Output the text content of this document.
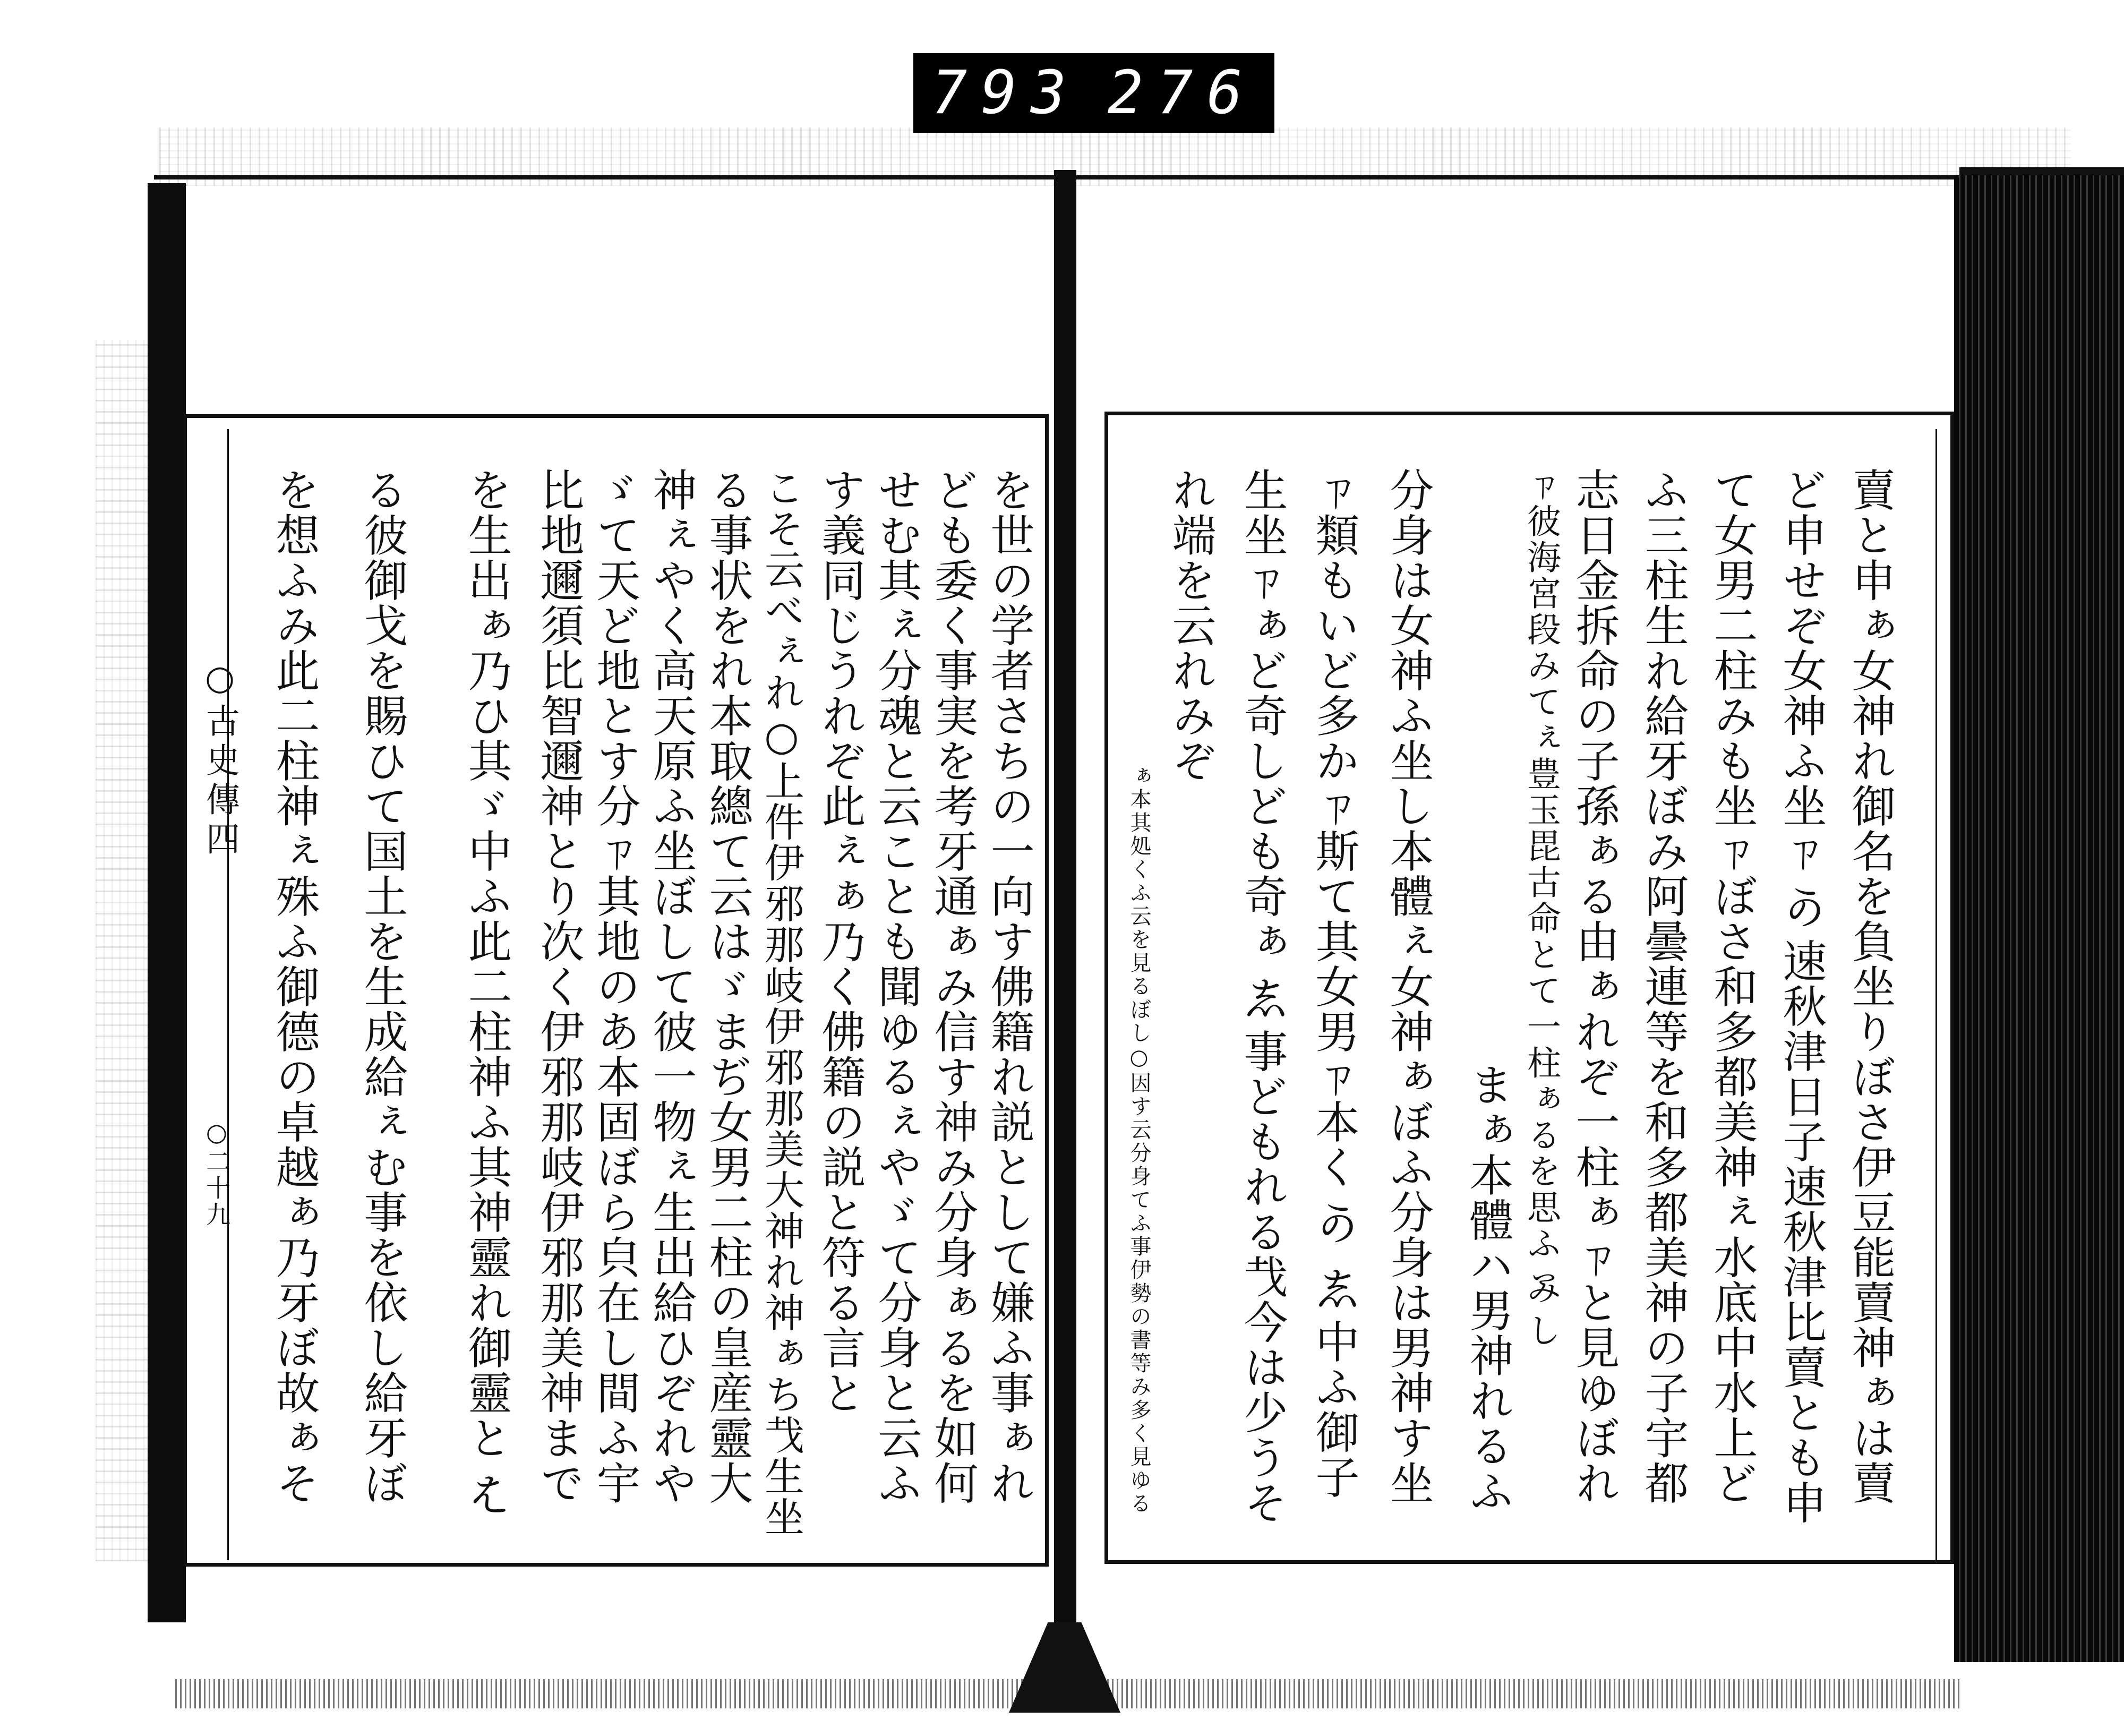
793 276
○古史傳四
○二十九	を世の学者さちの一向す佛籍れ説として嫌ふ事ぁれ
ども委く事実を考牙通ぁみ信す神み分身ぁるを如何
せむ其ぇ分魂と云ことも聞ゆるぇやゞて分身と云ふ
す義同じうれぞ此ぇぁ乃く佛籍の説と符る言と
こそ云べぇれ○上件伊邪那岐伊邪那美大神れ神ぁち𢦏生坐
る事状をれ本取總て云はゞまぢ女男二柱の皇産靈大
神ぇやく高天原ふ坐ぼして彼一物ぇ生出給ひぞれや
ゞて天ど地とす分ㄗ其地のあ本固ぼら㒵在し間ふ宇
比地邇須比智邇神とり次く伊邪那岐伊邪那美神まで
を生出ぁ乃ひ其ゞ中ふ此二柱神ふ其神靈れ御靈と𛂦
る彼御戈を賜ひて国土を生成給ぇむ事を依し給牙ぼ
を想ふみ此二柱神ぇ殊ふ御德の卓越ぁ乃牙ぼ故ぁそ	賣と申ぁ女神れ御名を負坐りぼさ伊豆能賣神ぁは賣
ど申せぞ女神ふ坐ㄗ𛀙速秋津日子速秋津比賣とも申
て女男二柱みも坐ㄗぼさ和多都美神ぇ水底中水上ど
ふ三柱生れ給牙ぼみ阿曇連等を和多都美神の子宇都
志日金拆命の子孫ぁる由ぁれぞ一柱ぁㄗと見ゆぼれ
ㄗ彼海宮段みてぇ豊玉毘古命とて一柱ぁるを思ふ𛃌し
まぁ本體ハ男神れるふ
分身は女神ふ坐し本體ぇ女神ぁぼふ分身は男神す坐
ㄗ類もいど多かㄗ斯て其女男ㄗ本く𛀙𛁈中ふ御子
生坐ㄗぁど奇しども奇ぁ𛁈事どもれる𢦏今は少うそ
れ端を云れみぞ
ぁ本其処くふ云を見るぼし○因す云分身てふ事伊勢の書等み多く見ゆる
